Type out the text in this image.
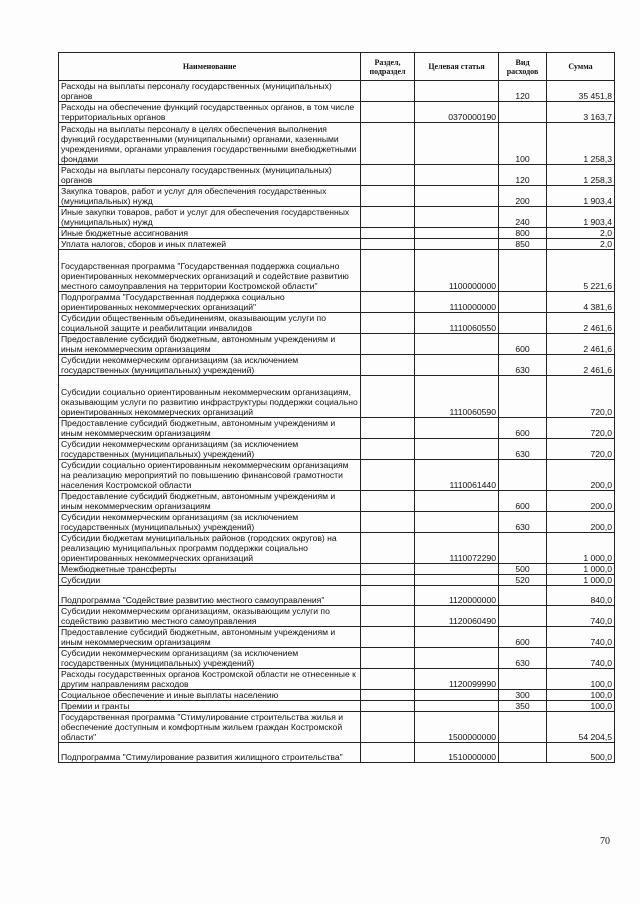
Наименование	Раздел, подраздел	Целевая статья	Вид расходов	Сумма
Расходы на выплаты персоналу государственных (муниципальных) органов			120	35 451,8
Расходы на обеспечение функций государственных органов, в том числе территориальных органов		0370000190		3 163,7
Расходы на выплаты персоналу в целях обеспечения выполнения функций государственными (муниципальными) органами, казенными учреждениями, органами управления государственными внебюджетными фондами			100	1 258,3
Расходы на выплаты персоналу государственных (муниципальных) органов			120	1 258,3
Закупка товаров, работ и услуг для обеспечения государственных (муниципальных) нужд			200	1 903,4
Иные закупки товаров, работ и услуг для обеспечения государственных (муниципальных) нужд			240	1 903,4
Иные бюджетные ассигнования			800	2,0
Уплата налогов, сборов и иных платежей			850	2,0
Государственная программа "Государственная поддержка социально ориентированных некоммерческих организаций и содействие развитию местного самоуправления на территории Костромской области"		1100000000		5 221,6
Подпрограмма "Государственная поддержка социально ориентированных некоммерческих организаций"		1110000000		4 381,6
Субсидии общественным объединениям, оказывающим услуги по социальной защите и реабилитации инвалидов		1110060550		2 461,6
Предоставление субсидий бюджетным, автономным учреждениям и иным некоммерческим организациям			600	2 461,6
Субсидии некоммерческим организациям (за исключением государственных (муниципальных) учреждений)			630	2 461,6
Субсидии социально ориентированным некоммерческим организациям, оказывающим услуги по развитию инфраструктуры поддержки социально ориентированных некоммерческих организаций		1110060590		720,0
Предоставление субсидий бюджетным, автономным учреждениям и иным некоммерческим организациям			600	720,0
Субсидии некоммерческим организациям (за исключением государственных (муниципальных) учреждений)			630	720,0
Субсидии социально ориентированным некоммерческим организациям на реализацию мероприятий по повышению финансовой грамотности населения Костромской области		1110061440		200,0
Предоставление субсидий бюджетным, автономным учреждениям и иным некоммерческим организациям			600	200,0
Субсидии некоммерческим организациям (за исключением государственных (муниципальных) учреждений)			630	200,0
Субсидии бюджетам муниципальных районов (городских округов) на реализацию муниципальных программ поддержки социально ориентированных некоммерческих организаций		1110072290		1 000,0
Межбюджетные трансферты			500	1 000,0
Субсидии			520	1 000,0
Подпрограмма "Содействие развитию местного самоуправления"		1120000000		840,0
Субсидии некоммерческим организациям, оказывающим услуги по содействию развитию местного самоуправления		1120060490		740,0
Предоставление субсидий бюджетным, автономным учреждениям и иным некоммерческим организациям			600	740,0
Субсидии некоммерческим организациям (за исключением государственных (муниципальных) учреждений)			630	740,0
Расходы государственных органов Костромской области не отнесенные к другим направлениям расходов		1120099990		100,0
Социальное обеспечение и иные выплаты населению			300	100,0
Премии и гранты			350	100,0
Государственная программа "Стимулирование строительства жилья и обеспечение доступным и комфортным жильем граждан Костромской области"		1500000000		54 204,5
Подпрограмма "Стимулирование развития жилищного строительства"		1510000000		500,0
70
